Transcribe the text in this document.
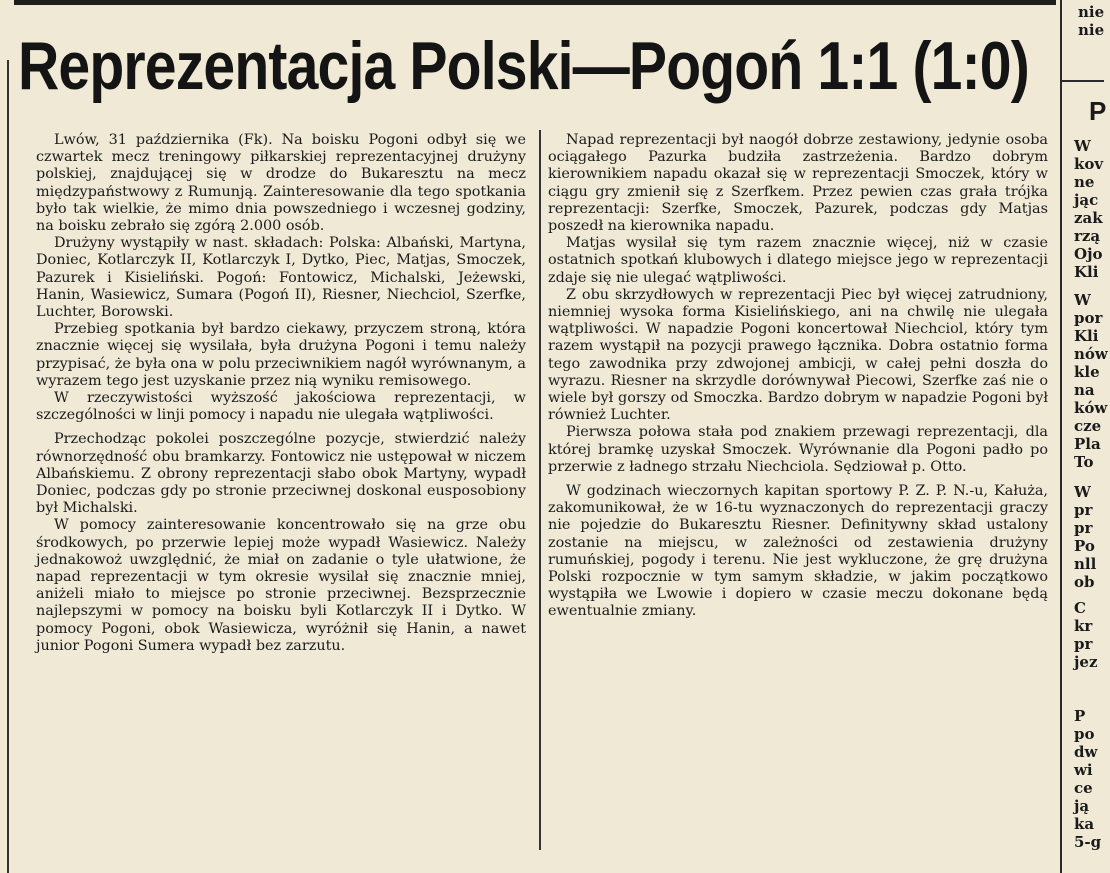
Reprezentacja Polski—Pogoń 1:1 (1:0)

Lwów, 31 października (Fk). Na boisku Pogoni odbył się we czwartek mecz treningowy piłkarskiej reprezentacyjnej drużyny polskiej, znajdującej się w drodze do Bukaresztu na mecz międzypaństwowy z Rumunją. Zainteresowanie dla tego spotkania było tak wielkie, że mimo dnia powszedniego i wczesnej godziny, na boisku zebrało się zgórą 2.000 osób.

Drużyny wystąpiły w nast. składach: Polska: Albański, Martyna, Doniec, Kotlarczyk II, Kotlarczyk I, Dytko, Piec, Matjas, Smoczek, Pazurek i Kisieliński. Pogoń: Fontowicz, Michalski, Jeżewski, Hanin, Wasiewicz, Sumara (Pogoń II), Riesner, Niechciol, Szerfke, Luchter, Borowski.

Przebieg spotkania był bardzo ciekawy, przyczem stroną, która znacznie więcej się wysilała, była drużyna Pogoni i temu należy przypisać, że była ona w polu przeciwnikiem nagół wyrównanym, a wyrazem tego jest uzyskanie przez nią wyniku remisowego.

W rzeczywistości wyższość jakościowa reprezentacji, w szczególności w linji pomocy i napadu nie ulegała wątpliwości.

Przechodząc pokolei poszczególne pozycje, stwierdzić należy równorzędność obu bramkarzy. Fontowicz nie ustępował w niczem Albańskiemu. Z obrony reprezentacji słabo obok Martyny, wypadł Doniec, podczas gdy po stronie przeciwnej doskonal eusposobiony był Michalski.

W pomocy zainteresowanie koncentrowało się na grze obu środkowych, po przerwie lepiej może wypadł Wasiewicz. Należy jednakowoż uwzględnić, że miał on zadanie o tyle ułatwione, że napad reprezentacji w tym okresie wysilał się znacznie mniej, aniżeli miało to miejsce po stronie przeciwnej. Bezsprzecznie najlepszymi w pomocy na boisku byli Kotlarczyk II i Dytko. W pomocy Pogoni, obok Wasiewicza, wyróżnił się Hanin, a nawet junior Pogoni Sumera wypadł bez zarzutu.

Napad reprezentacji był naogół dobrze zestawiony, jedynie osoba ociągałego Pazurka budziła zastrzeżenia. Bardzo dobrym kierownikiem napadu okazał się w reprezentacji Smoczek, który w ciągu gry zmienił się z Szerfkem. Przez pewien czas grała trójka reprezentacji: Szerfke, Smoczek, Pazurek, podczas gdy Matjas poszedł na kierownika napadu.

Matjas wysilał się tym razem znacznie więcej, niż w czasie ostatnich spotkań klubowych i dlatego miejsce jego w reprezentacji zdaje się nie ulegać wątpliwości.

Z obu skrzydłowych w reprezentacji Piec był więcej zatrudniony, niemniej wysoka forma Kisielińskiego, ani na chwilę nie ulegała wątpliwości. W napadzie Pogoni koncertował Niechciol, który tym razem wystąpił na pozycji prawego łącznika. Dobra ostatnio forma tego zawodnika przy zdwojonej ambicji, w całej pełni doszła do wyrazu. Riesner na skrzydle dorównywał Piecowi, Szerfke zaś nie o wiele był gorszy od Smoczka. Bardzo dobrym w napadzie Pogoni był również Luchter.

Pierwsza połowa stała pod znakiem przewagi reprezentacji, dla której bramkę uzyskał Smoczek. Wyrównanie dla Pogoni padło po przerwie z ładnego strzału Niechciola. Sędziował p. Otto.

W godzinach wieczornych kapitan sportowy P. Z. P. N.-u, Kałuża, zakomunikował, że w 16-tu wyznaczonych do reprezentacji graczy nie pojedzie do Bukaresztu Riesner. Definitywny skład ustalony zostanie na miejscu, w zależności od zestawienia drużyny rumuńskiej, pogody i terenu. Nie jest wykluczone, że grę drużyna Polski rozpocznie w tym samym składzie, w jakim początkowo wystąpiła we Lwowie i dopiero w czasie meczu dokonane będą ewentualnie zmiany.

P
nie
nie
W
kov
ne
jąc
zak
rzą
Ojo
Kli
W
por
Kli
nów
kle
na
ków
cze
Pla
To
W
pr
pr
Po
nll
ob
C
kr
pr
jez
P
po
dw
wi
ce
ją
ka
5-g
